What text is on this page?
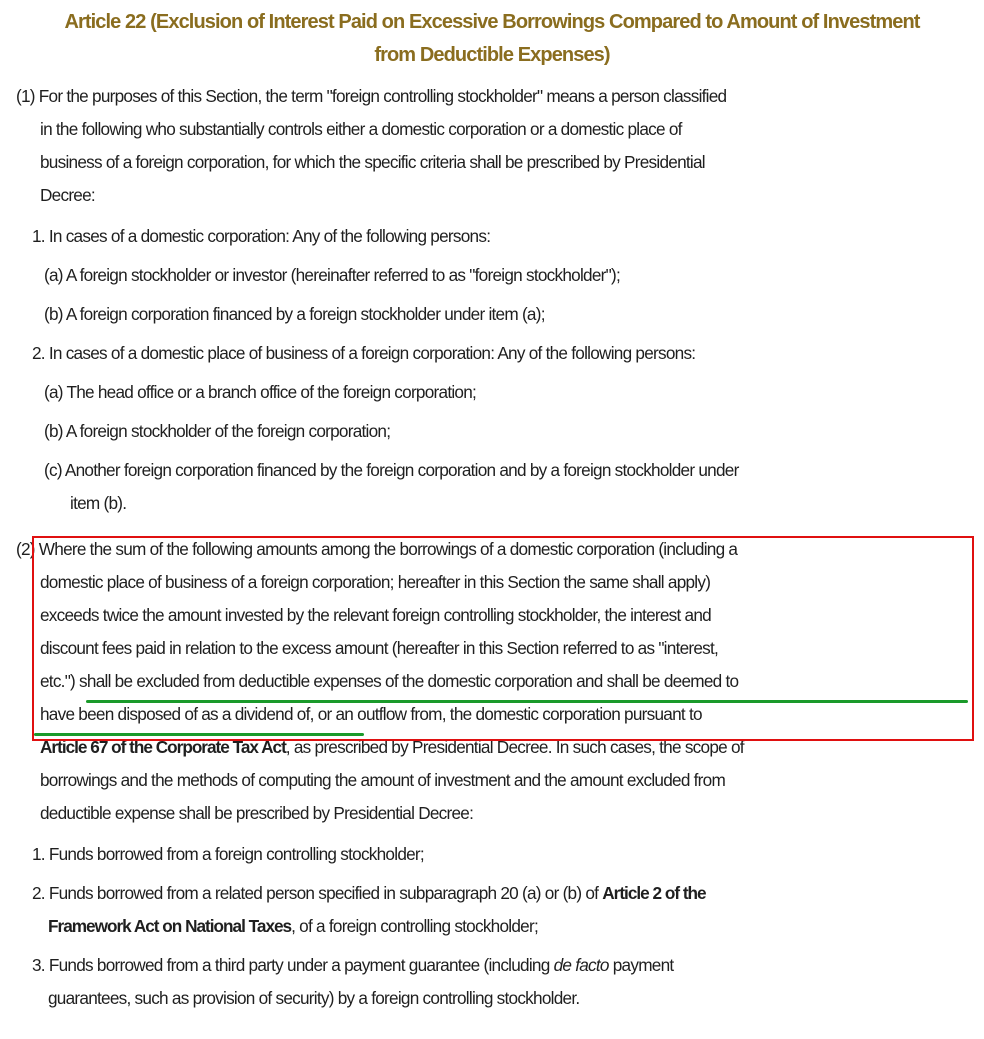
Article 22 (Exclusion of Interest Paid on Excessive Borrowings Compared to Amount of Investment
from Deductible Expenses)
(1) For the purposes of this Section, the term "foreign controlling stockholder" means a person classified
in the following who substantially controls either a domestic corporation or a domestic place of
business of a foreign corporation, for which the specific criteria shall be prescribed by Presidential
Decree:
1. In cases of a domestic corporation: Any of the following persons:
(a) A foreign stockholder or investor (hereinafter referred to as "foreign stockholder");
(b) A foreign corporation financed by a foreign stockholder under item (a);
2. In cases of a domestic place of business of a foreign corporation: Any of the following persons:
(a) The head office or a branch office of the foreign corporation;
(b) A foreign stockholder of the foreign corporation;
(c) Another foreign corporation financed by the foreign corporation and by a foreign stockholder under
item (b).
(2) Where the sum of the following amounts among the borrowings of a domestic corporation (including a
domestic place of business of a foreign corporation; hereafter in this Section the same shall apply)
exceeds twice the amount invested by the relevant foreign controlling stockholder, the interest and
discount fees paid in relation to the excess amount (hereafter in this Section referred to as "interest,
etc.") shall be excluded from deductible expenses of the domestic corporation and shall be deemed to
have been disposed of as a dividend of, or an outflow from, the domestic corporation pursuant to
Article 67 of the Corporate Tax Act, as prescribed by Presidential Decree. In such cases, the scope of
borrowings and the methods of computing the amount of investment and the amount excluded from
deductible expense shall be prescribed by Presidential Decree:
1. Funds borrowed from a foreign controlling stockholder;
2. Funds borrowed from a related person specified in subparagraph 20 (a) or (b) of Article 2 of the
Framework Act on National Taxes, of a foreign controlling stockholder;
3. Funds borrowed from a third party under a payment guarantee (including de facto payment
guarantees, such as provision of security) by a foreign controlling stockholder.
